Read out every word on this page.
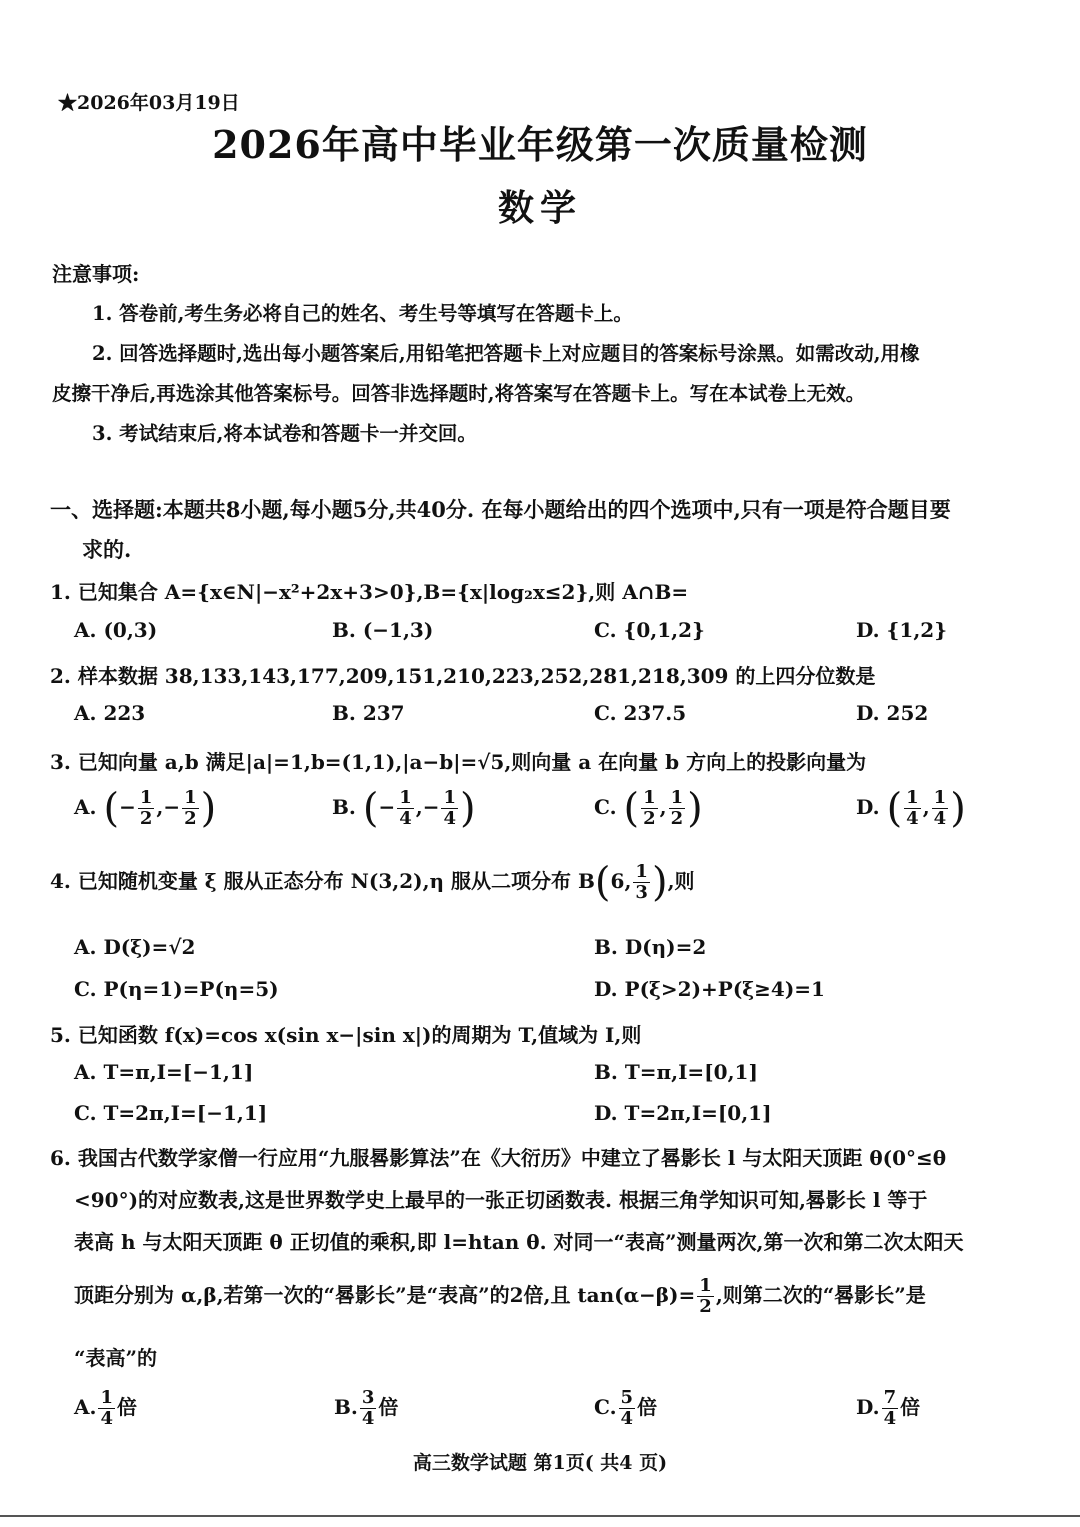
★2026年03月19日
2026年高中毕业年级第一次质量检测
数学
注意事项:
1. 答卷前,考生务必将自己的姓名、考生号等填写在答题卡上。
2. 回答选择题时,选出每小题答案后,用铅笔把答题卡上对应题目的答案标号涂黑。如需改动,用橡
皮擦干净后,再选涂其他答案标号。回答非选择题时,将答案写在答题卡上。写在本试卷上无效。
3. 考试结束后,将本试卷和答题卡一并交回。
一、选择题:本题共8小题,每小题5分,共40分. 在每小题给出的四个选项中,只有一项是符合题目要
求的.
1. 已知集合 A={x∈N|−x²+2x+3>0},B={x|log₂x≤2},则 A∩B=
A. (0,3)	B. (−1,3)	C. {0,1,2}	D. {1,2}
2. 样本数据 38,133,143,177,209,151,210,223,252,281,218,309 的上四分位数是
A. 223	B. 237	C. 237.5	D. 252
3. 已知向量 a,b 满足|a|=1,b=(1,1),|a−b|=√5,则向量 a 在向量 b 方向上的投影向量为
A. (− $\frac{1}{2}$ ,− $\frac{1}{2}$ )	B. (− $\frac{1}{4}$ ,− $\frac{1}{4}$ )	C. ( $\frac{1}{2}$ , $\frac{1}{2}$ )	D. ( $\frac{1}{4}$ , $\frac{1}{4}$ )
4. 已知随机变量 ξ 服从正态分布 N(3,2),η 服从二项分布 B(6, $\frac{1}{3}$ ),则
A. D(ξ)=√2	B. D(η)=2
C. P(η=1)=P(η=5)	D. P(ξ>2)+P(ξ≥4)=1
5. 已知函数 f(x)=cos x(sin x−|sin x|)的周期为 T,值域为 I,则
A. T=π,I=[−1,1]	B. T=π,I=[0,1]
C. T=2π,I=[−1,1]	D. T=2π,I=[0,1]
6. 我国古代数学家僧一行应用“九服晷影算法”在《大衍历》中建立了晷影长 l 与太阳天顶距 θ(0°≤θ
<90°)的对应数表,这是世界数学史上最早的一张正切函数表. 根据三角学知识可知,晷影长 l 等于
表高 h 与太阳天顶距 θ 正切值的乘积,即 l=htan θ. 对同一“表高”测量两次,第一次和第二次太阳天
顶距分别为 α,β,若第一次的“晷影长”是“表高”的2倍,且 $\tan(\alpha-\beta)= \frac{1}{2}$ ,则第二次的“晷影长”是
“表高”的
A. $\frac{1}{4}$ 倍	B. $\frac{3}{4}$ 倍	C. $\frac{5}{4}$ 倍	D. $\frac{7}{4}$ 倍
高三数学试题 第1页( 共4 页)
